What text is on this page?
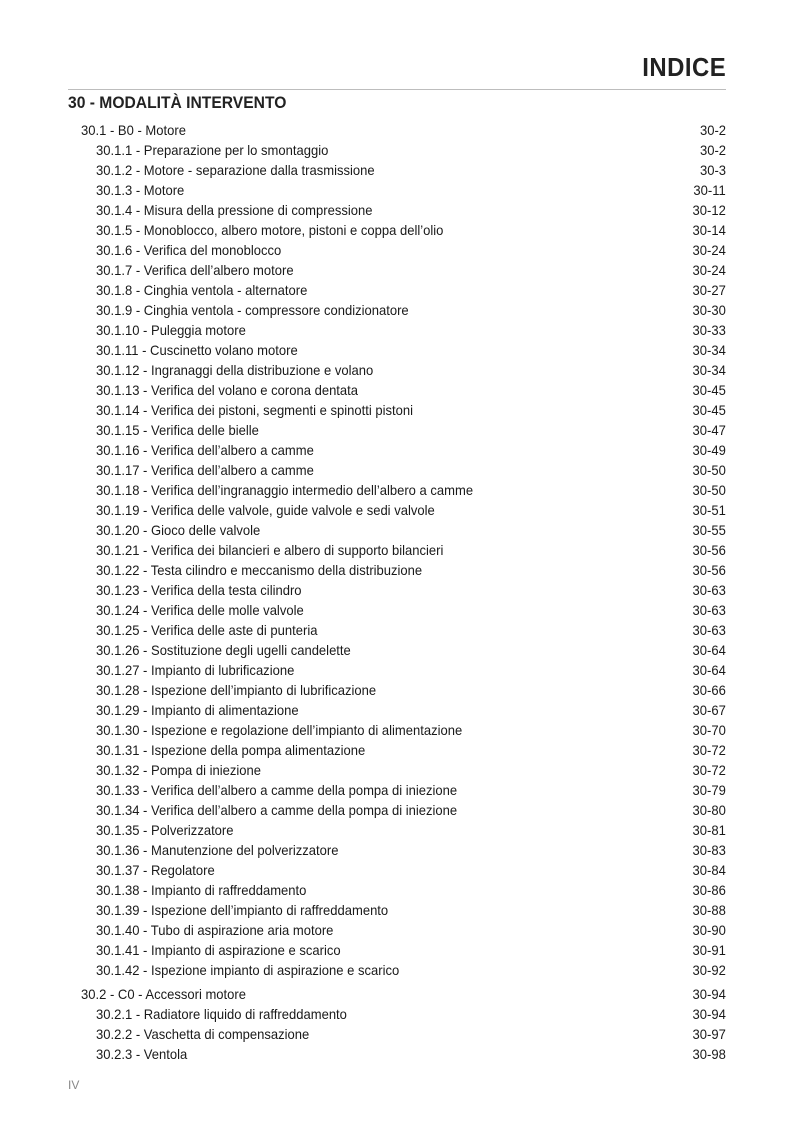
INDICE
30 - MODALITÀ INTERVENTO
30.1 - B0 - Motore	30-2
30.1.1 - Preparazione per lo smontaggio	30-2
30.1.2 - Motore - separazione dalla trasmissione	30-3
30.1.3 - Motore	30-11
30.1.4 - Misura della pressione di compressione	30-12
30.1.5 - Monoblocco, albero motore, pistoni e coppa dell’olio	30-14
30.1.6 - Verifica del monoblocco	30-24
30.1.7 - Verifica dell’albero motore	30-24
30.1.8 - Cinghia ventola - alternatore	30-27
30.1.9 - Cinghia ventola - compressore condizionatore	30-30
30.1.10 - Puleggia motore	30-33
30.1.11 - Cuscinetto volano motore	30-34
30.1.12 - Ingranaggi della distribuzione e volano	30-34
30.1.13 - Verifica del volano e corona dentata	30-45
30.1.14 - Verifica dei pistoni, segmenti e spinotti pistoni	30-45
30.1.15 - Verifica delle bielle	30-47
30.1.16 - Verifica dell’albero a camme	30-49
30.1.17 - Verifica dell’albero a camme	30-50
30.1.18 - Verifica dell’ingranaggio intermedio dell’albero a camme	30-50
30.1.19 - Verifica delle valvole, guide valvole e sedi valvole	30-51
30.1.20 - Gioco delle valvole	30-55
30.1.21 - Verifica dei bilancieri e albero di supporto bilancieri	30-56
30.1.22 - Testa cilindro e meccanismo della distribuzione	30-56
30.1.23 - Verifica della testa cilindro	30-63
30.1.24 - Verifica delle molle valvole	30-63
30.1.25 - Verifica delle aste di punteria	30-63
30.1.26 - Sostituzione degli ugelli candelette	30-64
30.1.27 - Impianto di lubrificazione	30-64
30.1.28 - Ispezione dell’impianto di lubrificazione	30-66
30.1.29 - Impianto di alimentazione	30-67
30.1.30 - Ispezione e regolazione dell’impianto di alimentazione	30-70
30.1.31 - Ispezione della pompa alimentazione	30-72
30.1.32 - Pompa di iniezione	30-72
30.1.33 - Verifica dell’albero a camme della pompa di iniezione	30-79
30.1.34 - Verifica dell’albero a camme della pompa di iniezione	30-80
30.1.35 - Polverizzatore	30-81
30.1.36 - Manutenzione del polverizzatore	30-83
30.1.37 - Regolatore	30-84
30.1.38 - Impianto di raffreddamento	30-86
30.1.39 - Ispezione dell’impianto di raffreddamento	30-88
30.1.40 - Tubo di aspirazione aria motore	30-90
30.1.41 - Impianto di aspirazione e scarico	30-91
30.1.42 - Ispezione impianto di aspirazione e scarico	30-92
30.2 - C0 - Accessori motore	30-94
30.2.1 - Radiatore liquido di raffreddamento	30-94
30.2.2 - Vaschetta di compensazione	30-97
30.2.3 - Ventola	30-98
IV
